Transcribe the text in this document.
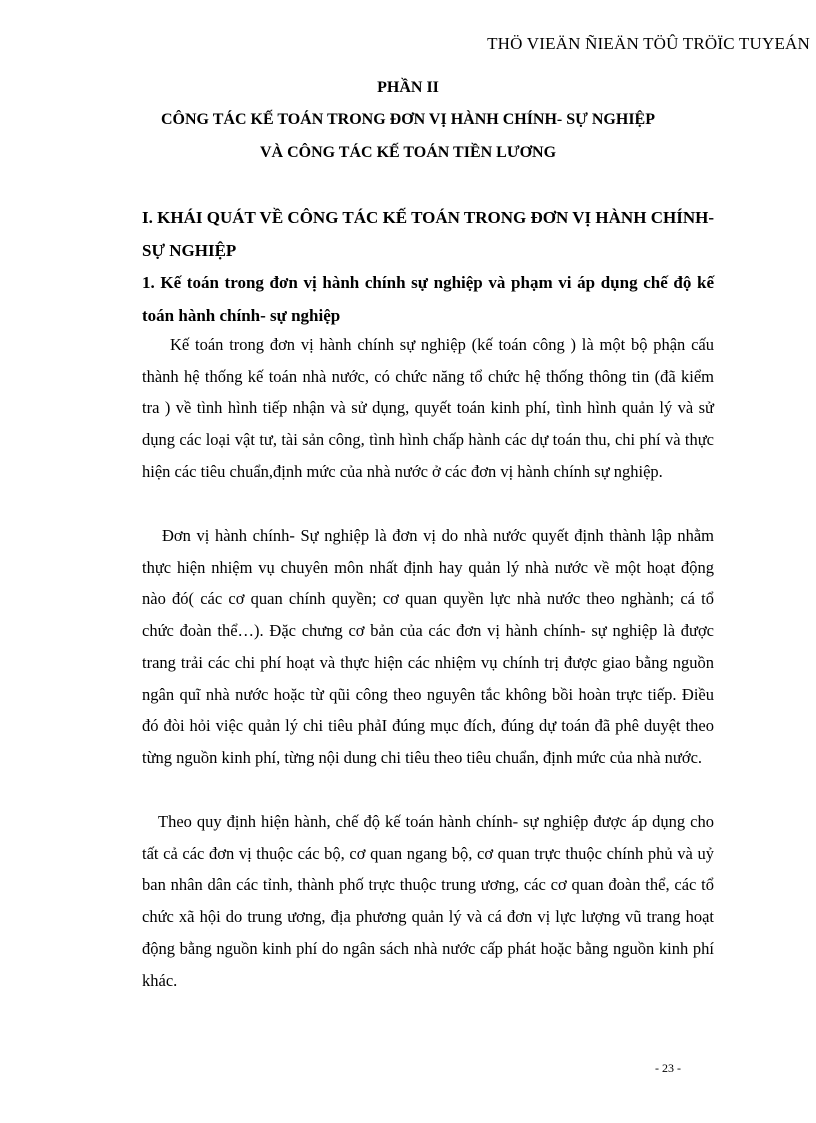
THÖ VIEÄN ÑIEÄN TÖÛ TRÖÏC TUYEÁN
PHẦN II
CÔNG TÁC KẾ TOÁN TRONG ĐƠN VỊ HÀNH CHÍNH- SỰ NGHIỆP
VÀ CÔNG TÁC KẾ TOÁN TIỀN LƯƠNG
I. KHÁI QUÁT VỀ CÔNG TÁC KẾ TOÁN TRONG ĐƠN VỊ HÀNH CHÍNH- SỰ NGHIỆP
1. Kế toán trong đơn vị hành chính sự nghiệp và phạm vi áp dụng chế độ kế toán hành chính- sự nghiệp

Kế toán trong đơn vị hành chính sự nghiệp (kế toán công ) là một bộ phận cấu thành hệ thống kế toán nhà nước, có chức năng tổ chức hệ thống thông tin (đã kiểm tra ) về tình hình tiếp nhận và sử dụng, quyết toán kinh phí, tình hình quản lý và sử dụng các loại vật tư, tài sản công, tình hình chấp hành các dự toán thu, chi phí và thực hiện các tiêu chuẩn,định mức của nhà nước ở các đơn vị hành chính sự nghiệp.

Đơn vị hành chính- Sự nghiệp là đơn vị do nhà nước quyết định thành lập nhằm thực hiện nhiệm vụ chuyên môn nhất định hay quản lý nhà nước về một hoạt động nào đó( các cơ quan chính quyền; cơ quan quyền lực nhà nước theo nghành; cá tổ chức đoàn thể…). Đặc chưng cơ bản của các đơn vị hành chính- sự nghiệp là được trang trải các chi phí hoạt và thực hiện các nhiệm vụ chính trị được giao bằng nguồn ngân quĩ nhà nước hoặc từ qũi công theo nguyên tắc không bồi hoàn trực tiếp. Điều đó đòi hỏi việc quản lý chi tiêu phảI đúng mục đích, đúng dự toán đã phê duyệt theo từng nguồn kinh phí, từng nội dung chi tiêu theo tiêu chuẩn, định mức của nhà nước.

Theo quy định hiện hành, chế độ kế toán hành chính- sự nghiệp được áp dụng cho tất cả các đơn vị thuộc các bộ, cơ quan ngang bộ, cơ quan trực thuộc chính phủ và uỷ ban nhân dân các tỉnh, thành phố trực thuộc trung ương, các cơ quan đoàn thể, các tổ chức xã hội do trung ương, địa phương quản lý và cá đơn vị lực lượng vũ trang hoạt động bằng nguồn kinh phí do ngân sách nhà nước cấp phát hoặc bằng nguồn kinh phí khác.

- 23 -
